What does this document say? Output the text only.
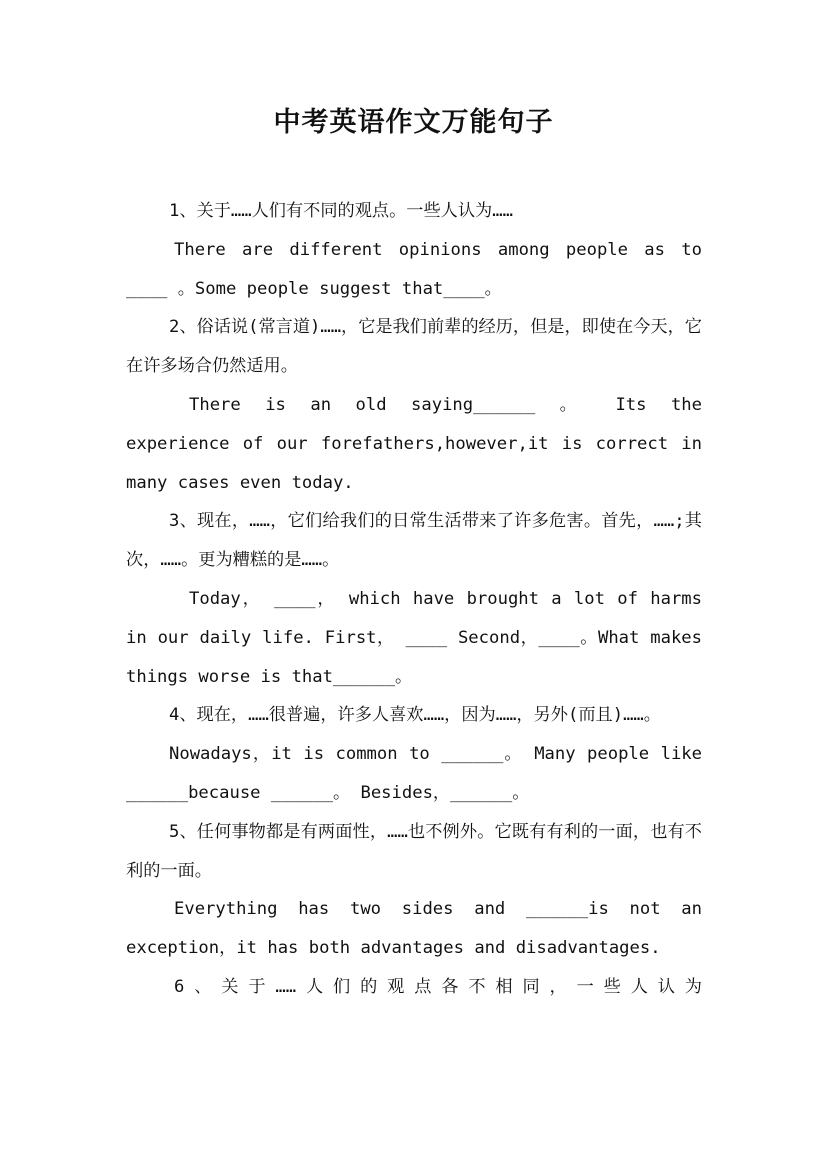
中考英语作文万能句子

1、关于……人们有不同的观点。一些人认为……

There are different opinions among people as to ____ 。Some people suggest that____。

2、俗话说(常言道)……，它是我们前辈的经历，但是，即使在今天，它在许多场合仍然适用。

There is an old saying______ 。 Its the experience of our forefathers,however,it is correct in many cases even today.

3、现在，……，它们给我们的日常生活带来了许多危害。首先，……;其次，……。更为糟糕的是……。

Today， ____， which have brought a lot of harms in our daily life. First， ____ Second，____。What makes things worse is that______。

4、现在，……很普遍，许多人喜欢……，因为……，另外(而且)……。

Nowadays，it is common to ______。 Many people like ______because ______。 Besides，______。

5、任何事物都是有两面性，……也不例外。它既有有利的一面，也有不利的一面。

Everything has two sides and ______is not an exception，it has both advantages and disadvantages.

6、关于……人们的观点各不相同，一些人认为
